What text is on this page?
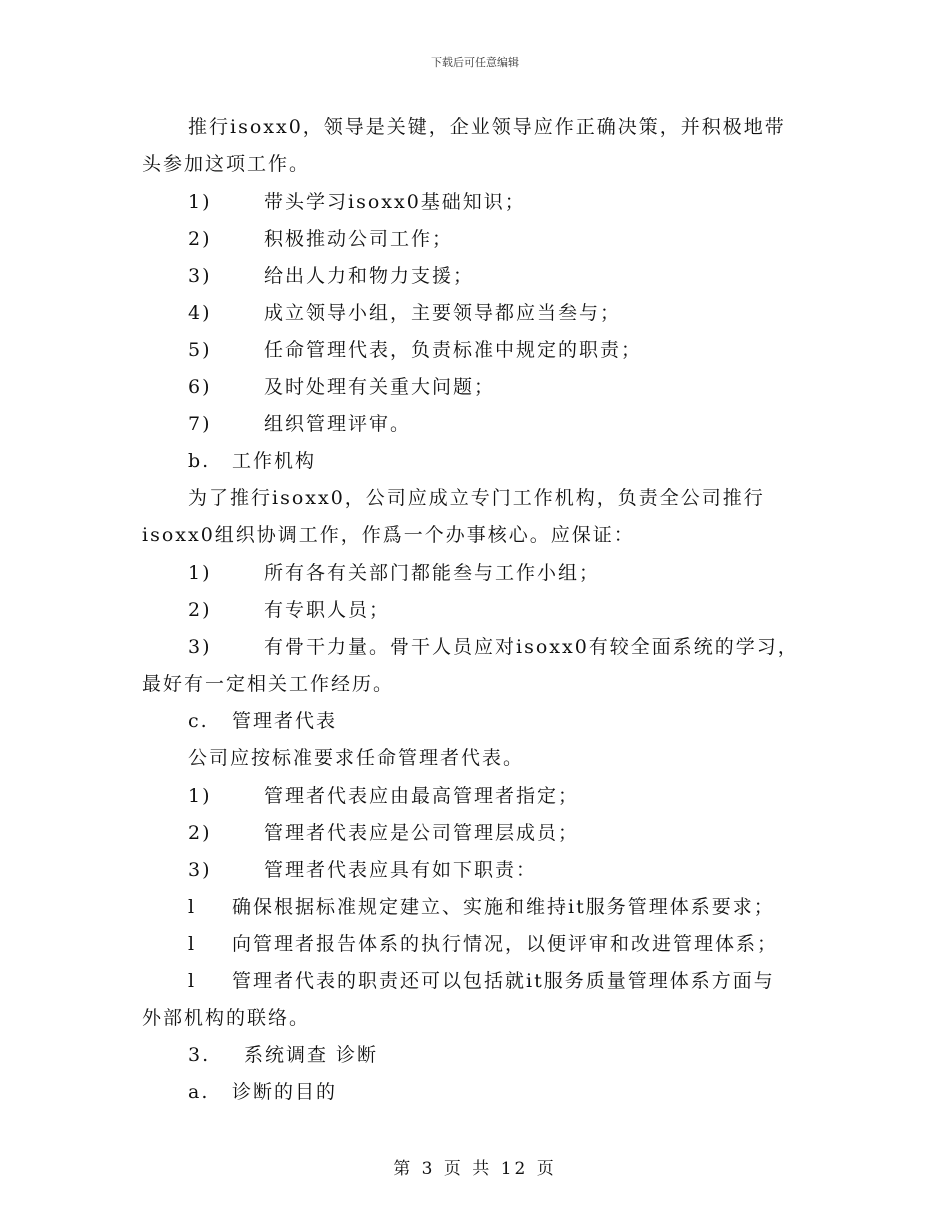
下载后可任意编辑
推行isoxx0，领导是关键，企业领导应作正确决策，并积极地带
头参加这项工作。
1)	带头学习isoxx0基础知识；
2)	积极推动公司工作；
3)	给出人力和物力支援；
4)	成立领导小组，主要领导都应当叁与；
5)	任命管理代表，负责标准中规定的职责；
6)	及时处理有关重大问题；
7)	组织管理评审。
b. 工作机构
为了推行isoxx0，公司应成立专门工作机构，负责全公司推行
isoxx0组织协调工作，作爲一个办事核心。应保证：
1)	所有各有关部门都能叁与工作小组；
2)	有专职人员；
3)	有骨干力量。骨干人员应对isoxx0有较全面系统的学习，
最好有一定相关工作经历。
c. 管理者代表
公司应按标准要求任命管理者代表。
1)	管理者代表应由最高管理者指定；
2)	管理者代表应是公司管理层成员；
3)	管理者代表应具有如下职责：
l 确保根据标准规定建立、实施和维持it服务管理体系要求；
l 向管理者报告体系的执行情况，以便评审和改进管理体系；
l 管理者代表的职责还可以包括就it服务质量管理体系方面与
外部机构的联络。
3. 系统调查 诊断
a. 诊断的目的
第 3 页 共 12 页
